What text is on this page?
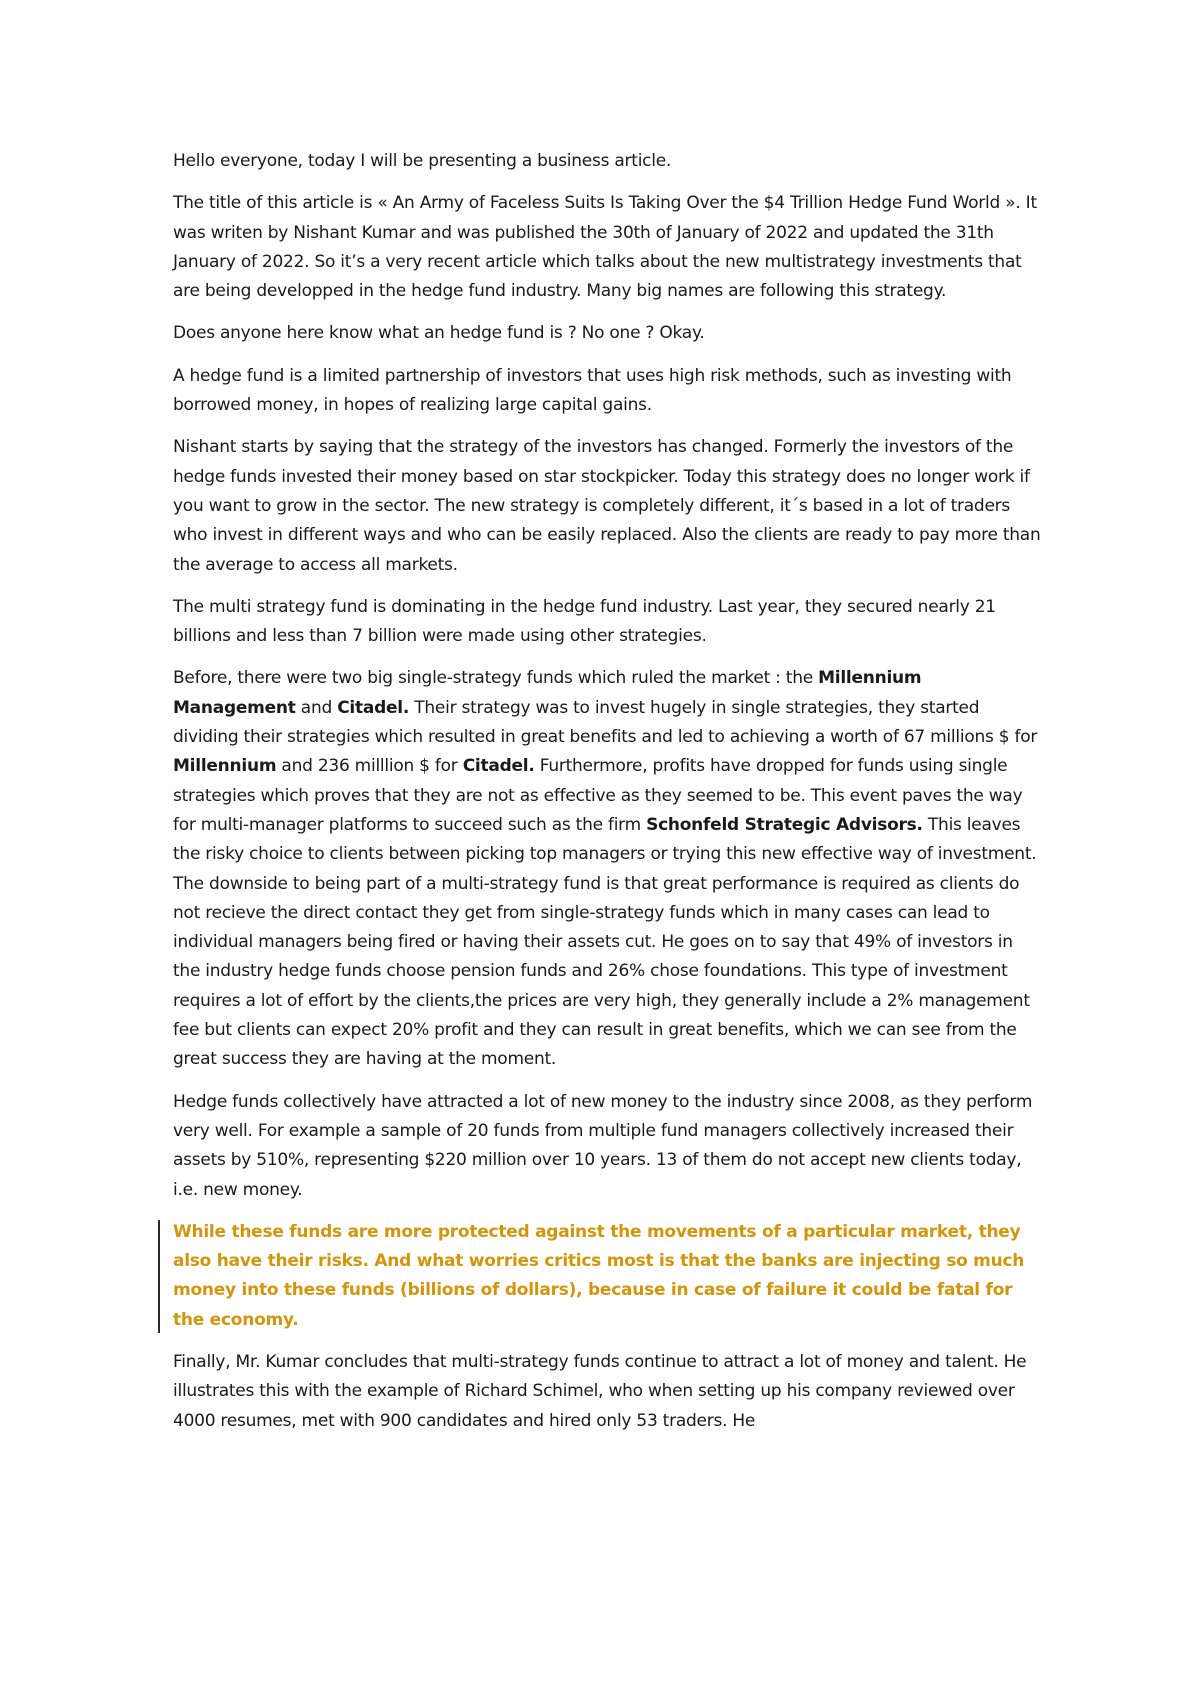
Hello everyone, today I will be presenting a business article.

The title of this article is « An Army of Faceless Suits Is Taking Over the $4 Trillion Hedge Fund World ». It was writen by Nishant Kumar and was published the 30th of January of 2022 and updated the 31th January of 2022. So it’s a very recent article which talks about the new multistrategy investments that are being developped in the hedge fund industry. Many big names are following this strategy.

Does anyone here know what an hedge fund is ? No one ? Okay.

A hedge fund is a limited partnership of investors that uses high risk methods, such as investing with borrowed money, in hopes of realizing large capital gains.

Nishant starts by saying that the strategy of the investors has changed. Formerly the investors of the hedge funds invested their money based on star stockpicker. Today this strategy does no longer work if you want to grow in the sector. The new strategy is completely different, it´s based in a lot of traders who invest in different ways and who can be easily replaced. Also the clients are ready to pay more than the average to access all markets.

The multi strategy fund is dominating in the hedge fund industry. Last year, they secured nearly 21 billions and less than 7 billion were made using other strategies.

Before, there were two big single-strategy funds which ruled the market : the Millennium Management and Citadel. Their strategy was to invest hugely in single strategies, they started dividing their strategies which resulted in great benefits and led to achieving a worth of 67 millions $ for Millennium and 236 milllion $ for Citadel. Furthermore, profits have dropped for funds using single strategies which proves that they are not as effective as they seemed to be. This event paves the way for multi-manager platforms to succeed such as the firm Schonfeld Strategic Advisors. This leaves the risky choice to clients between picking top managers or trying this new effective way of investment. The downside to being part of a multi-strategy fund is that great performance is required as clients do not recieve the direct contact they get from single-strategy funds which in many cases can lead to individual managers being fired or having their assets cut. He goes on to say that 49% of investors in the industry hedge funds choose pension funds and 26% chose foundations. This type of investment requires a lot of effort by the clients,the prices are very high, they generally include a 2% management fee but clients can expect 20% profit and they can result in great benefits, which we can see from the great success they are having at the moment.

Hedge funds collectively have attracted a lot of new money to the industry since 2008, as they perform very well. For example a sample of 20 funds from multiple fund managers collectively increased their assets by 510%, representing $220 million over 10 years. 13 of them do not accept new clients today, i.e. new money.

While these funds are more protected against the movements of a particular market, they also have their risks. And what worries critics most is that the banks are injecting so much money into these funds (billions of dollars), because in case of failure it could be fatal for the economy.

Finally, Mr. Kumar concludes that multi-strategy funds continue to attract a lot of money and talent. He illustrates this with the example of Richard Schimel, who when setting up his company reviewed over 4000 resumes, met with 900 candidates and hired only 53 traders. He
